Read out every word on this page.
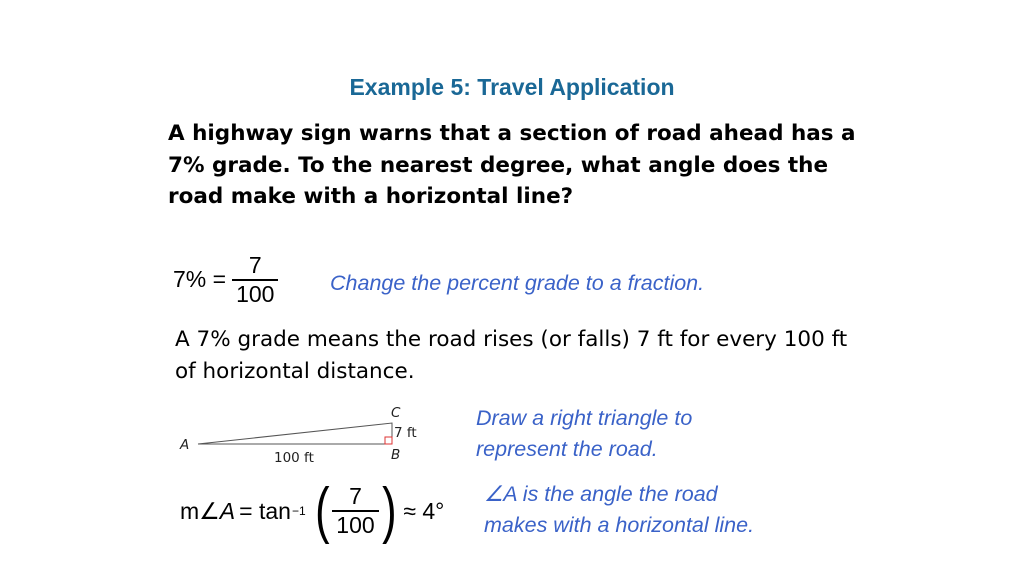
Example 5: Travel Application
A highway sign warns that a section of road ahead has a 7% grade. To the nearest degree, what angle does the road make with a horizontal line?
$7\% = \frac{7}{100}$ Change the percent grade to a fraction.
A 7% grade means the road rises (or falls) 7 ft for every 100 ft of horizontal distance.
A
C
7 ft
B
100 ft
Draw a right triangle to
represent the road.
m ∠ A = tan −1 ( $\frac{7}{100}$ ) ≈ 4°
∠A is the angle the road
makes with a horizontal line.
